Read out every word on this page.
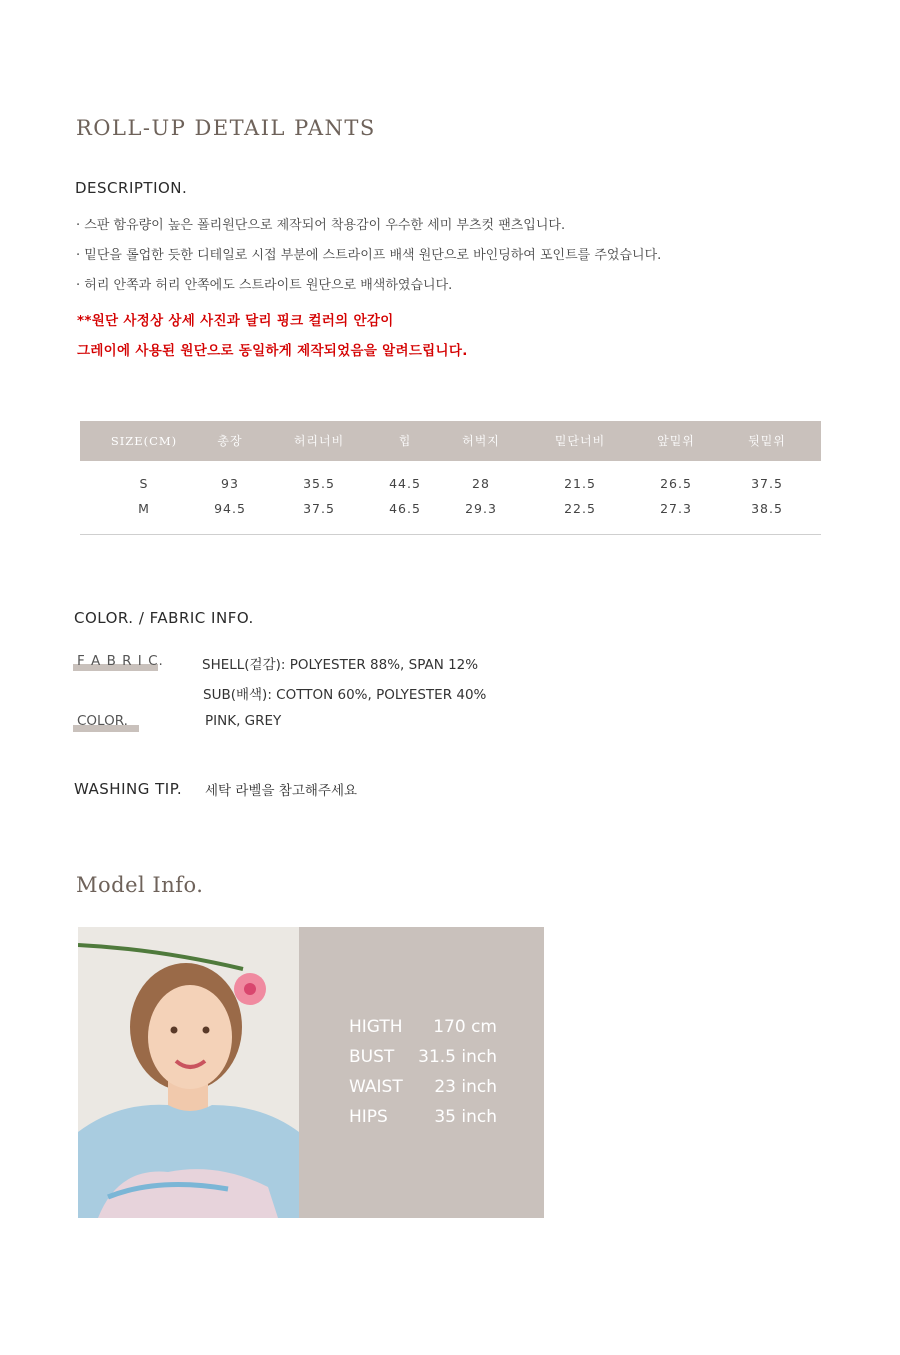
ROLL-UP DETAIL PANTS
DESCRIPTION.
· 스판 함유량이 높은 폴리원단으로 제작되어 착용감이 우수한 세미 부츠컷 팬츠입니다.
· 밑단을 롤업한 듯한 디테일로 시접 부분에 스트라이프 배색 원단으로 바인딩하여 포인트를 주었습니다.
· 허리 안쪽과 허리 안쪽에도 스트라이트 원단으로 배색하였습니다.
**원단 사정상 상세 사진과 달리 핑크 컬러의 안감이
그레이에 사용된 원단으로 동일하게 제작되었음을 알려드립니다.
SIZE(CM)	총장	허리너비	힙	허벅지	밑단너비	앞밑위	뒷밑위
S	93	35.5	44.5	28	21.5	26.5	37.5
M	94.5	37.5	46.5	29.3	22.5	27.3	38.5
COLOR. / FABRIC INFO.
F A B R I C.	SHELL(겉감): POLYESTER 88%, SPAN 12%
SUB(배색): COTTON 60%, POLYESTER 40%
COLOR.	PINK, GREY
WASHING TIP. 세탁 라벨을 참고해주세요
Model Info.
HIGTH 170 cm
BUST 31.5 inch
WAIST 23 inch
HIPS	35 inch
